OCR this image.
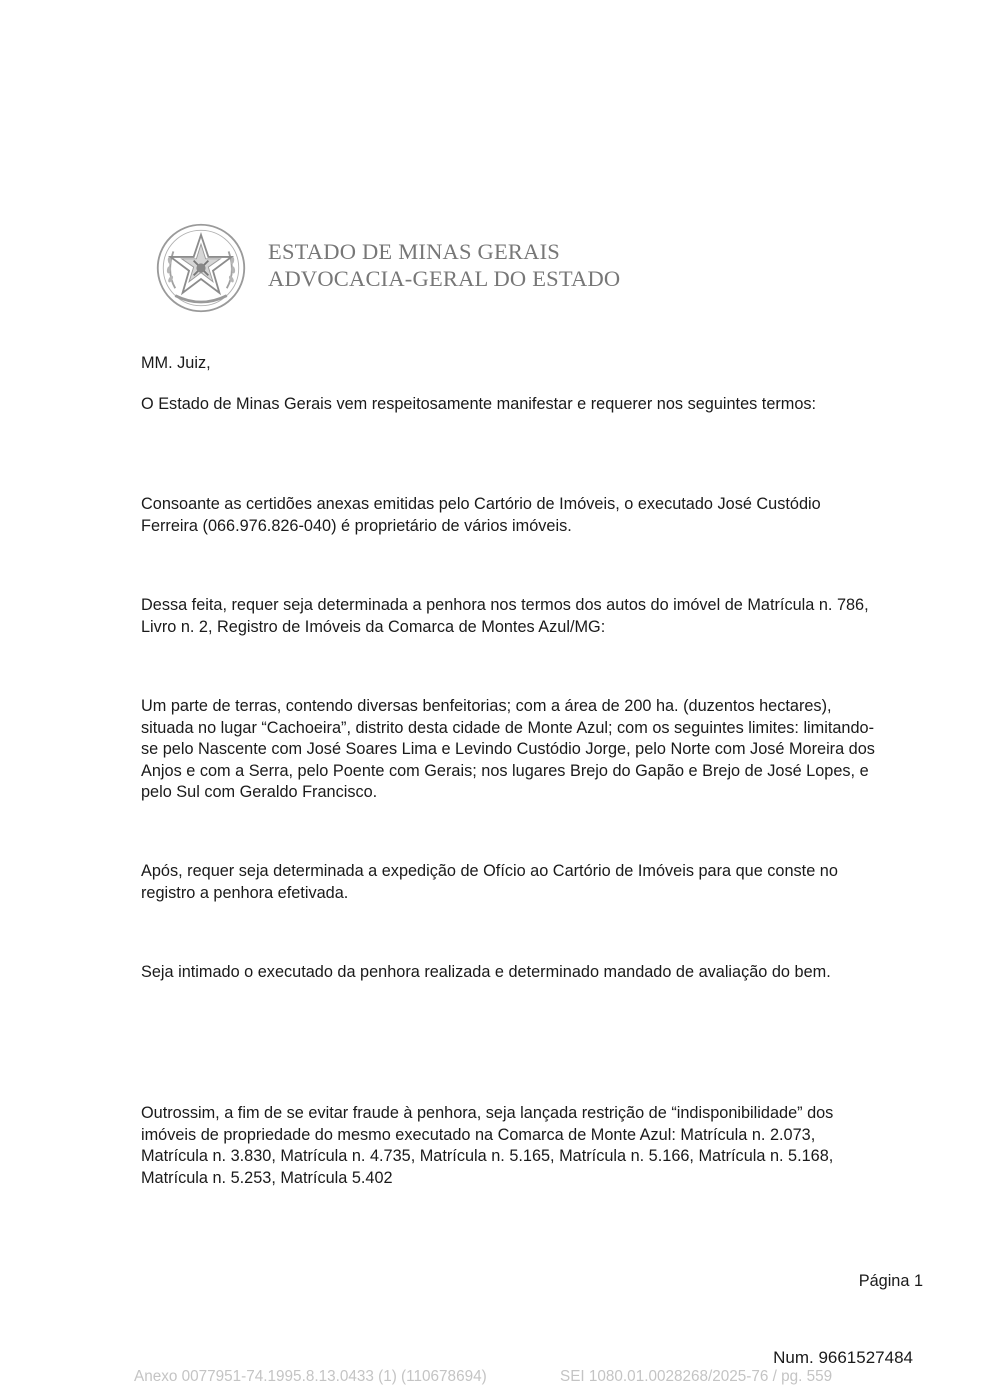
ESTADO DE MINAS GERAIS
ADVOCACIA-GERAL DO ESTADO
MM. Juiz,
O Estado de Minas Gerais vem respeitosamente manifestar e requerer nos seguintes termos:
Consoante as certidões anexas emitidas pelo Cartório de Imóveis, o executado José Custódio Ferreira (066.976.826-040) é proprietário de vários imóveis.
Dessa feita, requer seja determinada a penhora nos termos dos autos do imóvel de Matrícula n. 786, Livro n. 2, Registro de Imóveis da Comarca de Montes Azul/MG:
Um parte de terras, contendo diversas benfeitorias; com a área de 200 ha. (duzentos hectares), situada no lugar “Cachoeira”, distrito desta cidade de Monte Azul; com os seguintes limites: limitando-se pelo Nascente com José Soares Lima e Levindo Custódio Jorge, pelo Norte com José Moreira dos Anjos e com a Serra, pelo Poente com Gerais; nos lugares Brejo do Gapão e Brejo de José Lopes, e pelo Sul com Geraldo Francisco.
Após, requer seja determinada a expedição de Ofício ao Cartório de Imóveis para que conste no registro a penhora efetivada.
Seja intimado o executado da penhora realizada e determinado mandado de avaliação do bem.
Outrossim, a fim de se evitar fraude à penhora, seja lançada restrição de “indisponibilidade” dos imóveis de propriedade do mesmo executado na Comarca de Monte Azul: Matrícula n. 2.073, Matrícula n. 3.830, Matrícula n. 4.735, Matrícula n. 5.165, Matrícula n. 5.166, Matrícula n. 5.168, Matrícula n. 5.253, Matrícula 5.402
Página 1
Num. 9661527484
Anexo 0077951-74.1995.8.13.0433 (1) (110678694)	SEI 1080.01.0028268/2025-76 / pg. 559
